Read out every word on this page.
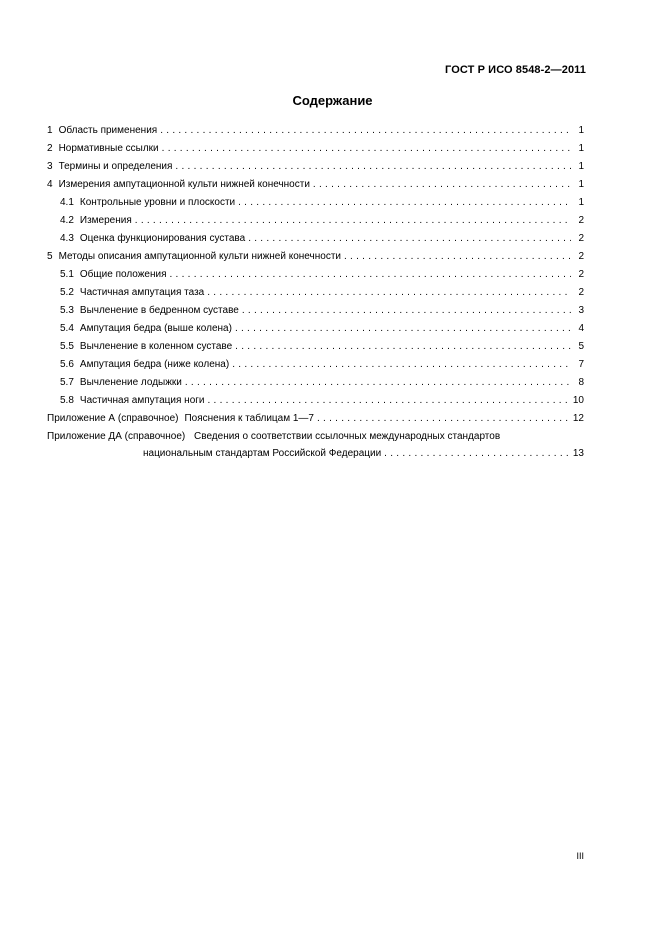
ГОСТ Р ИСО 8548-2—2011
Содержание
1 Область применения . . .	1
2 Нормативные ссылки . . .	1
3 Термины и определения . . .	1
4 Измерения ампутационной культи нижней конечности . . .	1
4.1 Контрольные уровни и плоскости . . .	1
4.2 Измерения . . .	2
4.3 Оценка функционирования сустава . . .	2
5 Методы описания ампутационной культи нижней конечности . . .	2
5.1 Общие положения . . .	2
5.2 Частичная ампутация таза . . .	2
5.3 Вычленение в бедренном суставе . . .	3
5.4 Ампутация бедра (выше колена) . . .	4
5.5 Вычленение в коленном суставе . . .	5
5.6 Ампутация бедра (ниже колена) . . .	7
5.7 Вычленение лодыжки . . .	8
5.8 Частичная ампутация ноги . . .	10
Приложение А (справочное) Пояснения к таблицам 1—7 . . .	12
Приложение ДА (справочное) Сведения о соответствии ссылочных международных стандартов
национальным стандартам Российской Федерации . . .	13
III
